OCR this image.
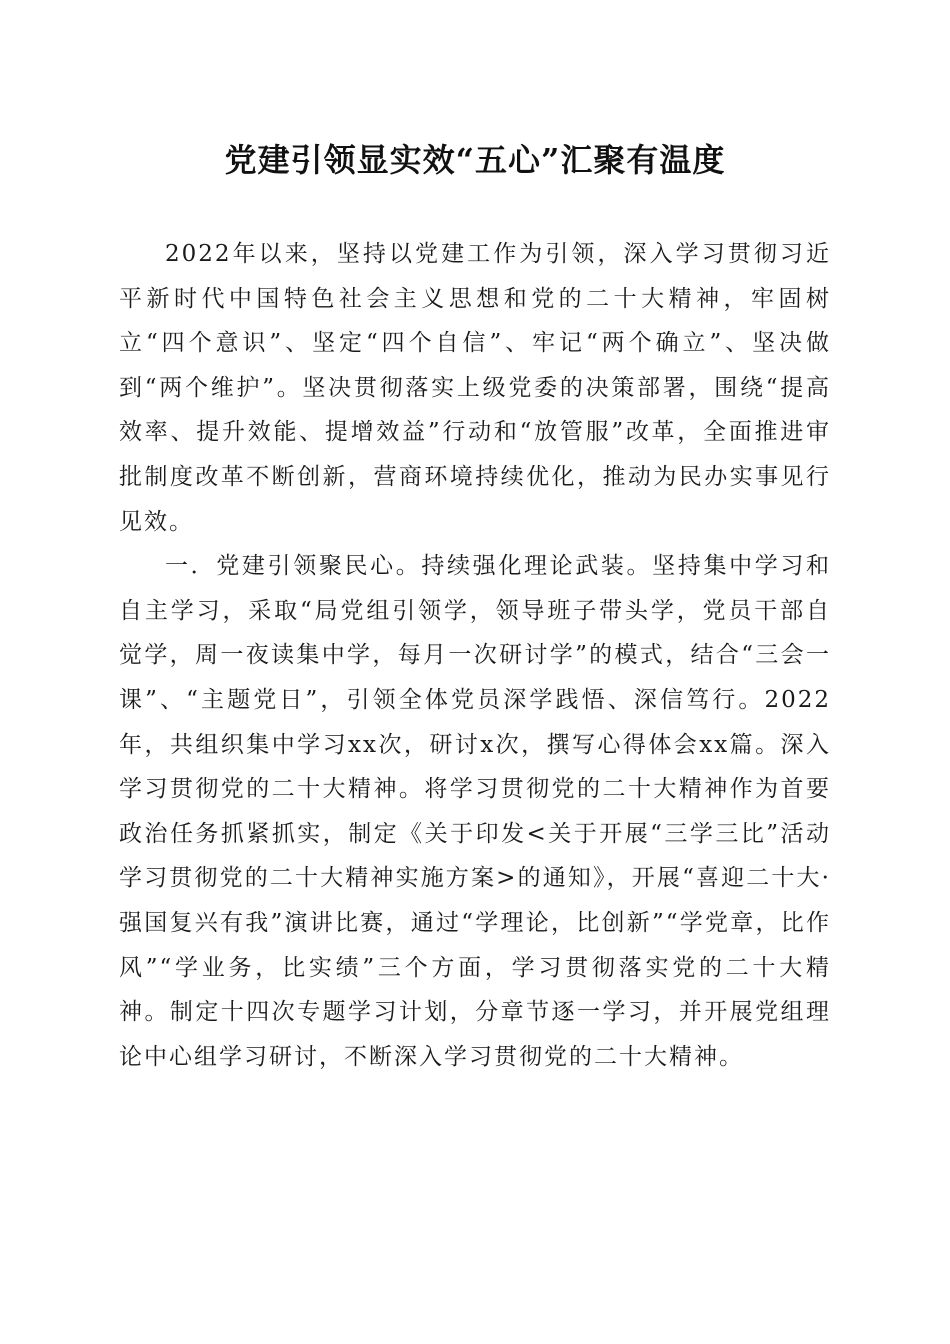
党建引领显实效“五心”汇聚有温度

2022年以来，坚持以党建工作为引领，深入学习贯彻习近平新时代中国特色社会主义思想和党的二十大精神，牢固树立“四个意识”、坚定“四个自信”、牢记“两个确立”、坚决做到“两个维护”。坚决贯彻落实上级党委的决策部署，围绕“提高效率、提升效能、提增效益”行动和“放管服”改革，全面推进审批制度改革不断创新，营商环境持续优化，推动为民办实事见行见效。

一．党建引领聚民心。持续强化理论武装。坚持集中学习和自主学习，采取“局党组引领学，领导班子带头学，党员干部自觉学，周一夜读集中学，每月一次研讨学”的模式，结合“三会一课”、“主题党日”，引领全体党员深学践悟、深信笃行。2022年，共组织集中学习xx次，研讨x次，撰写心得体会xx篇。深入学习贯彻党的二十大精神。将学习贯彻党的二十大精神作为首要政治任务抓紧抓实，制定《关于印发<关于开展“三学三比”活动学习贯彻党的二十大精神实施方案>的通知》，开展“喜迎二十大·强国复兴有我”演讲比赛，通过“学理论，比创新”“学党章，比作风”“学业务，比实绩”三个方面，学习贯彻落实党的二十大精神。制定十四次专题学习计划，分章节逐一学习，并开展党组理论中心组学习研讨，不断深入学习贯彻党的二十大精神。
